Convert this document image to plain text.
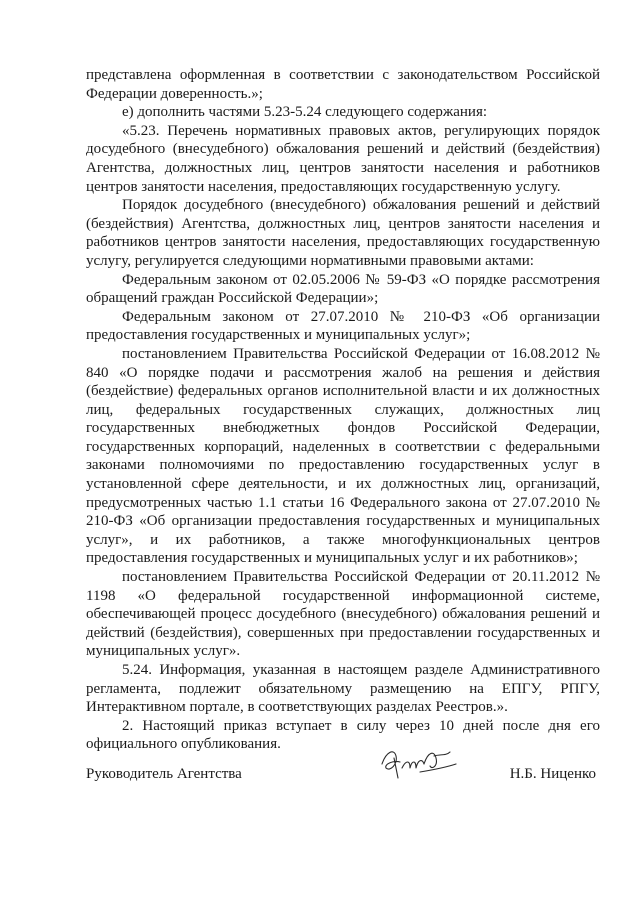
представлена оформленная в соответствии с законодательством Российской Федерации доверенность.»;

е) дополнить частями 5.23-5.24 следующего содержания:

«5.23. Перечень нормативных правовых актов, регулирующих порядок досудебного (внесудебного) обжалования решений и действий (бездействия) Агентства, должностных лиц, центров занятости населения и работников центров занятости населения, предоставляющих государственную услугу.

Порядок досудебного (внесудебного) обжалования решений и действий (бездействия) Агентства, должностных лиц, центров занятости населения и работников центров занятости населения, предоставляющих государственную услугу, регулируется следующими нормативными правовыми актами:

Федеральным законом от 02.05.2006 № 59-ФЗ «О порядке рассмотрения обращений граждан Российской Федерации»;

Федеральным законом от 27.07.2010 № 210-ФЗ «Об организации предоставления государственных и муниципальных услуг»;

постановлением Правительства Российской Федерации от 16.08.2012 № 840 «О порядке подачи и рассмотрения жалоб на решения и действия (бездействие) федеральных органов исполнительной власти и их должностных лиц, федеральных государственных служащих, должностных лиц государственных внебюджетных фондов Российской Федерации, государственных корпораций, наделенных в соответствии с федеральными законами полномочиями по предоставлению государственных услуг в установленной сфере деятельности, и их должностных лиц, организаций, предусмотренных частью 1.1 статьи 16 Федерального закона от 27.07.2010 № 210-ФЗ «Об организации предоставления государственных и муниципальных услуг», и их работников, а также многофункциональных центров предоставления государственных и муниципальных услуг и их работников»;

постановлением Правительства Российской Федерации от 20.11.2012 № 1198 «О федеральной государственной информационной системе, обеспечивающей процесс досудебного (внесудебного) обжалования решений и действий (бездействия), совершенных при предоставлении государственных и муниципальных услуг».

5.24. Информация, указанная в настоящем разделе Административного регламента, подлежит обязательному размещению на ЕПГУ, РПГУ, Интерактивном портале, в соответствующих разделах Реестров.».

2. Настоящий приказ вступает в силу через 10 дней после дня его официального опубликования.

Руководитель Агентства	Н.Б. Ниценко
